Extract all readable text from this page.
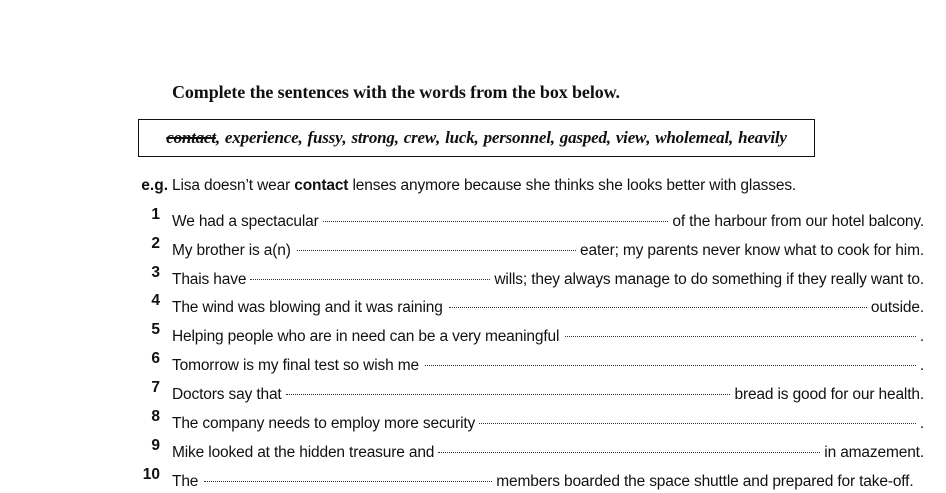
Complete the sentences with the words from the box below.
contact , experience , fussy , strong , crew , luck , personnel , gasped , view , wholemeal , heavily
e.g. Lisa doesn’t wear
contact
lenses anymore because she thinks she looks better with glasses.
1 We had a spectacular	of the harbour from our hotel balcony.
2 My brother is a(n)	eater; my parents never know what to cook for him.
3 Thais have	wills; they always manage to do something if they really want to.
4 The wind was blowing and it was raining	outside.
5 Helping people who are in need can be a very meaningful	.
6 Tomorrow is my final test so wish me	.
7 Doctors say that	bread is good for our health.
8 The company needs to employ more security	.
9 Mike looked at the hidden treasure and	in amazement.
10 The	members boarded the space shuttle and prepared for take-off.
